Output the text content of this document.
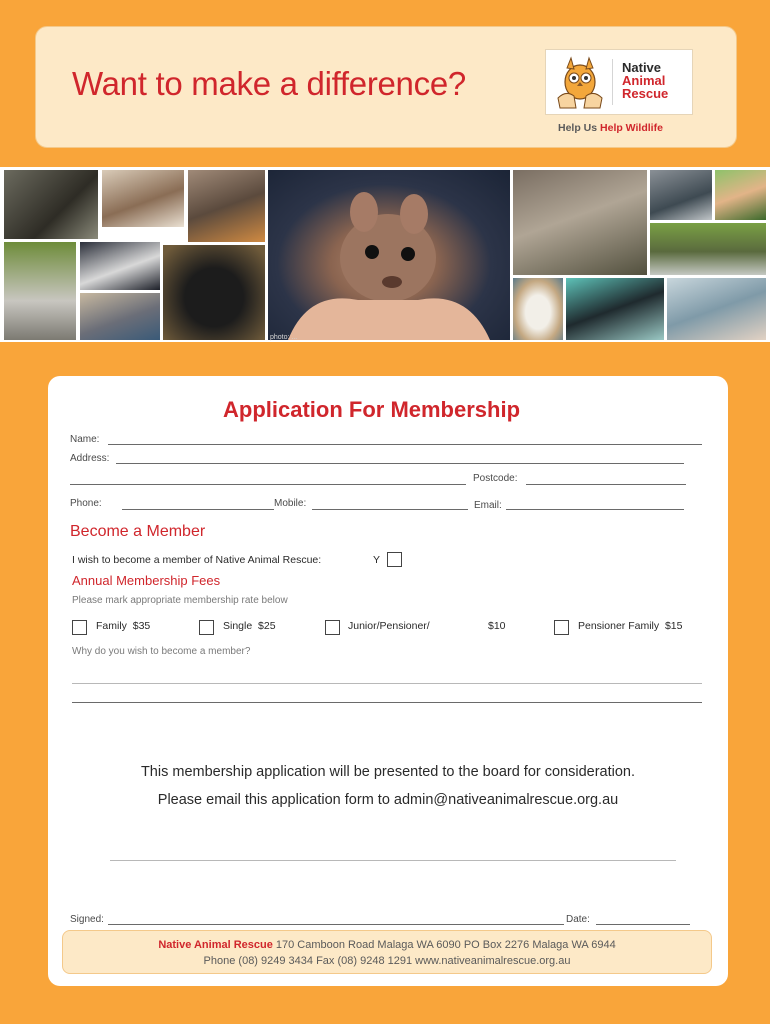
Want to make a difference?	Native
Animal
Rescue
Help Us Help Wildlife
photo: ...
Application For Membership
Name:
Address:
Postcode:
Phone:	Mobile:	Email:
Become a Member
I wish to become a member of Native Animal Rescue:	Y
Annual Membership Fees
Please mark appropriate membership rate below
Family  $35	Single  $25	Junior/Pensioner/	$10	Pensioner Family  $15
Why do you wish to become a member?
This membership application will be presented to the board for consideration.
Please email this application form to admin@nativeanimalrescue.org.au
Signed:	Date:
Native Animal Rescue 170 Camboon Road Malaga WA 6090 PO Box 2276 Malaga WA 6944
Phone (08) 9249 3434 Fax (08) 9248 1291 www.nativeanimalrescue.org.au
